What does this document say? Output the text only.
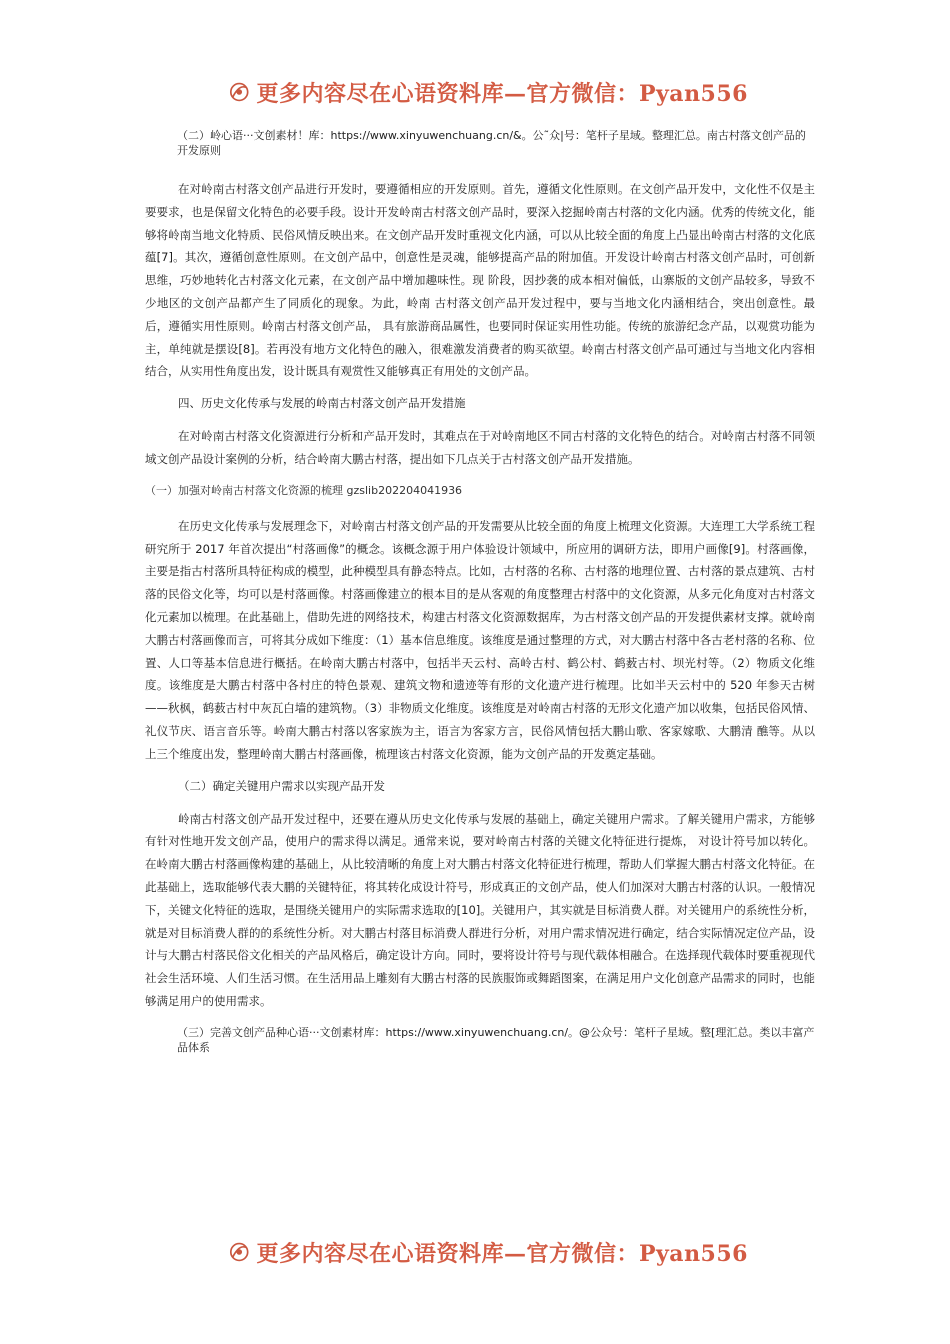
更多内容尽在心语资料库—官方微信：Pyan556

（二）岭心语···文创素材！库：https://www.xinyuwenchuang.cn/&。公˜众|号：笔杆子星域。整理汇总。南古村落文创产品的开发原则

在对岭南古村落文创产品进行开发时，要遵循相应的开发原则。首先，遵循文化性原则。在文创产品开发中，文化性不仅是主要要求，也是保留文化特色的必要手段。设计开发岭南古村落文创产品时，要深入挖掘岭南古村落的文化内涵。优秀的传统文化，能够将岭南当地文化特质、民俗风情反映出来。在文创产品开发时重视文化内涵，可以从比较全面的角度上凸显出岭南古村落的文化底蕴[7]。其次，遵循创意性原则。在文创产品中，创意性是灵魂，能够提高产品的附加值。开发设计岭南古村落文创产品时，可创新思维，巧妙地转化古村落文化元素，在文创产品中增加趣味性。现 阶段，因抄袭的成本相对偏低，山寨版的文创产品较多，导致不少地区的文创产品都产生了同质化的现象。为此，岭南 古村落文创产品开发过程中，要与当地文化内涵相结合，突出创意性。最后，遵循实用性原则。岭南古村落文创产品， 具有旅游商品属性，也要同时保证实用性功能。传统的旅游纪念产品，以观赏功能为主，单纯就是摆设[8]。若再没有地方文化特色的融入，很难激发消费者的购买欲望。岭南古村落文创产品可通过与当地文化内容相结合，从实用性角度出发，设计既具有观赏性又能够真正有用处的文创产品。

四、历史文化传承与发展的岭南古村落文创产品开发措施

在对岭南古村落文化资源进行分析和产品开发时，其难点在于对岭南地区不同古村落的文化特色的结合。对岭南古村落不同领域文创产品设计案例的分析，结合岭南大鹏古村落，提出如下几点关于古村落文创产品开发措施。

（一）加强对岭南古村落文化资源的梳理 gzslib202204041936

在历史文化传承与发展理念下，对岭南古村落文创产品的开发需要从比较全面的角度上梳理文化资源。大连理工大学系统工程研究所于 2017 年首次提出“村落画像”的概念。该概念源于用户体验设计领域中，所应用的调研方法，即用户画像[9]。村落画像，主要是指古村落所具特征构成的模型，此种模型具有静态特点。比如，古村落的名称、古村落的地理位置、古村落的景点建筑、古村落的民俗文化等，均可以是村落画像。村落画像建立的根本目的是从客观的角度整理古村落中的文化资源，从多元化角度对古村落文化元素加以梳理。在此基础上，借助先进的网络技术，构建古村落文化资源数据库，为古村落文创产品的开发提供素材支撑。就岭南大鹏古村落画像而言，可将其分成如下维度：（1）基本信息维度。该维度是通过整理的方式，对大鹏古村落中各古老村落的名称、位置、人口等基本信息进行概括。在岭南大鹏古村落中，包括半天云村、高岭古村、鹤公村、鹤薮古村、坝光村等。（2）物质文化维度。该维度是大鹏古村落中各村庄的特色景观、建筑文物和遗迹等有形的文化遗产进行梳理。比如半天云村中的 520 年参天古树——秋枫，鹤薮古村中灰瓦白墙的建筑物。（3）非物质文化维度。该维度是对岭南古村落的无形文化遗产加以收集，包括民俗风情、礼仪节庆、语言音乐等。岭南大鹏古村落以客家族为主，语言为客家方言，民俗风情包括大鹏山歌、客家嫁歌、大鹏清 醮等。从以上三个维度出发，整理岭南大鹏古村落画像，梳理该古村落文化资源，能为文创产品的开发奠定基础。

（二）确定关键用户需求以实现产品开发

岭南古村落文创产品开发过程中，还要在遵从历史文化传承与发展的基础上，确定关键用户需求。了解关键用户需求，方能够有针对性地开发文创产品，使用户的需求得以满足。通常来说，要对岭南古村落的关键文化特征进行提炼， 对设计符号加以转化。在岭南大鹏古村落画像构建的基础上，从比较清晰的角度上对大鹏古村落文化特征进行梳理，帮助人们掌握大鹏古村落文化特征。在此基础上，选取能够代表大鹏的关键特征，将其转化成设计符号，形成真正的文创产品，使人们加深对大鹏古村落的认识。一般情况下，关键文化特征的选取，是围绕关键用户的实际需求选取的[10]。关键用户，其实就是目标消费人群。对关键用户的系统性分析，就是对目标消费人群的的系统性分析。对大鹏古村落目标消费人群进行分析，对用户需求情况进行确定，结合实际情况定位产品，设计与大鹏古村落民俗文化相关的产品风格后，确定设计方向。同时，要将设计符号与现代载体相融合。在选择现代载体时要重视现代社会生活环境、人们生活习惯。在生活用品上雕刻有大鹏古村落的民族服饰或舞蹈图案，在满足用户文化创意产品需求的同时，也能够满足用户的使用需求。

（三）完善文创产品种心语···文创素材库：https://www.xinyuwenchuang.cn/。@公众号：笔杆子星域。整[理汇总。类以丰富产品体系

更多内容尽在心语资料库—官方微信：Pyan556
